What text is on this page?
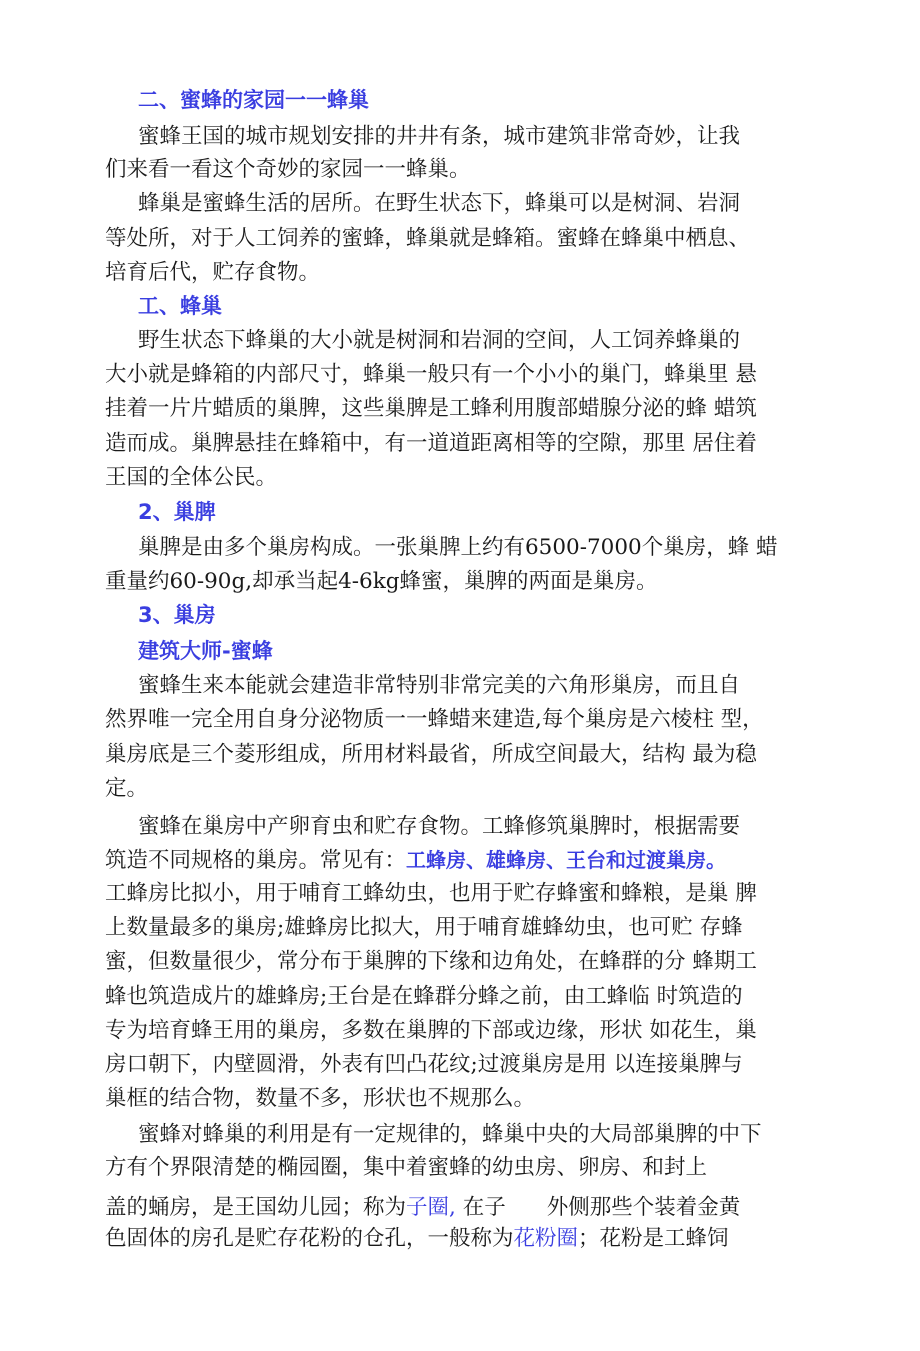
二、蜜蜂的家园一一蜂巢
蜜蜂王国的城市规划安排的井井有条，城市建筑非常奇妙，让我
们来看一看这个奇妙的家园一一蜂巢。
蜂巢是蜜蜂生活的居所。在野生状态下，蜂巢可以是树洞、岩洞
等处所，对于人工饲养的蜜蜂，蜂巢就是蜂箱。蜜蜂在蜂巢中栖息、
培育后代，贮存食物。
工、蜂巢
野生状态下蜂巢的大小就是树洞和岩洞的空间，人工饲养蜂巢的
大小就是蜂箱的内部尺寸，蜂巢一般只有一个小小的巢门，蜂巢里 悬
挂着一片片蜡质的巢脾，这些巢脾是工蜂利用腹部蜡腺分泌的蜂 蜡筑
造而成。巢脾悬挂在蜂箱中，有一道道距离相等的空隙，那里 居住着
王国的全体公民。
2、巢脾
巢脾是由多个巢房构成。一张巢脾上约有6500-7000个巢房，蜂 蜡
重量约60-90g,却承当起4-6kg蜂蜜，巢脾的两面是巢房。
3、巢房
建筑大师-蜜蜂
蜜蜂生来本能就会建造非常特别非常完美的六角形巢房，而且自
然界唯一完全用自身分泌物质一一蜂蜡来建造,每个巢房是六棱柱 型，
巢房底是三个菱形组成，所用材料最省，所成空间最大，结构 最为稳
定。
蜜蜂在巢房中产卵育虫和贮存食物。工蜂修筑巢脾时，根据需要
筑造不同规格的巢房。常见有：工蜂房、雄蜂房、王台和过渡巢房。
工蜂房比拟小，用于哺育工蜂幼虫，也用于贮存蜂蜜和蜂粮，是巢 脾
上数量最多的巢房;雄蜂房比拟大，用于哺育雄蜂幼虫，也可贮 存蜂
蜜，但数量很少，常分布于巢脾的下缘和边角处，在蜂群的分 蜂期工
蜂也筑造成片的雄蜂房;王台是在蜂群分蜂之前，由工蜂临 时筑造的
专为培育蜂王用的巢房，多数在巢脾的下部或边缘，形状 如花生，巢
房口朝下，内壁圆滑，外表有凹凸花纹;过渡巢房是用 以连接巢脾与
巢框的结合物，数量不多，形状也不规那么。
蜜蜂对蜂巢的利用是有一定规律的，蜂巢中央的大局部巢脾的中下
方有个界限清楚的椭园圈，集中着蜜蜂的幼虫房、卵房、和封上
盖的蛹房，是王国幼儿园；称为子圈, 在子      外侧那些个装着金黄
色固体的房孔是贮存花粉的仓孔，一般称为花粉圈；花粉是工蜂饲
